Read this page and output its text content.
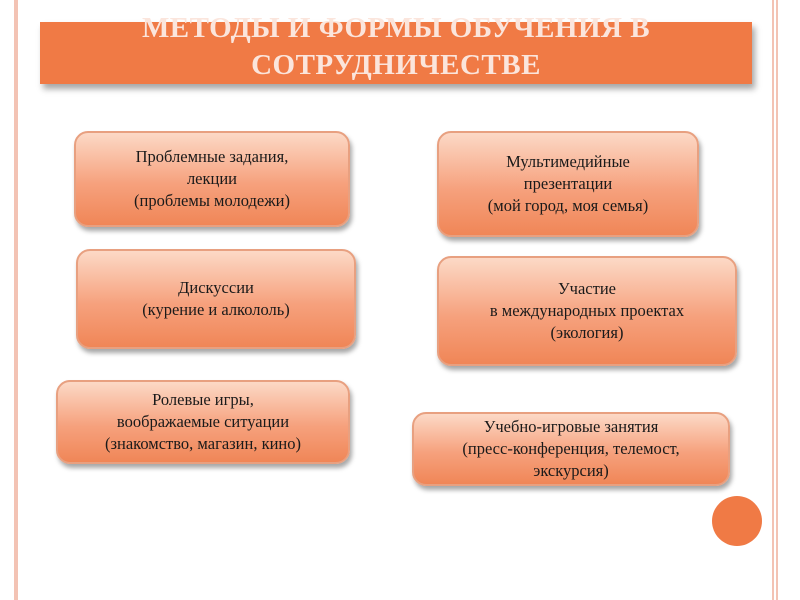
МЕТОДЫ И ФОРМЫ ОБУЧЕНИЯ В
СОТРУДНИЧЕСТВЕ
Проблемные задания,
лекции
(проблемы молодежи)
Мультимедийные
презентации
(мой город, моя семья)
Дискуссии
(курение и алкололь)
Участие
в международных проектах
(экология)
Ролевые игры,
воображаемые ситуации
(знакомство, магазин, кино)
Учебно-игровые занятия
(пресс-конференция, телемост,
экскурсия)
